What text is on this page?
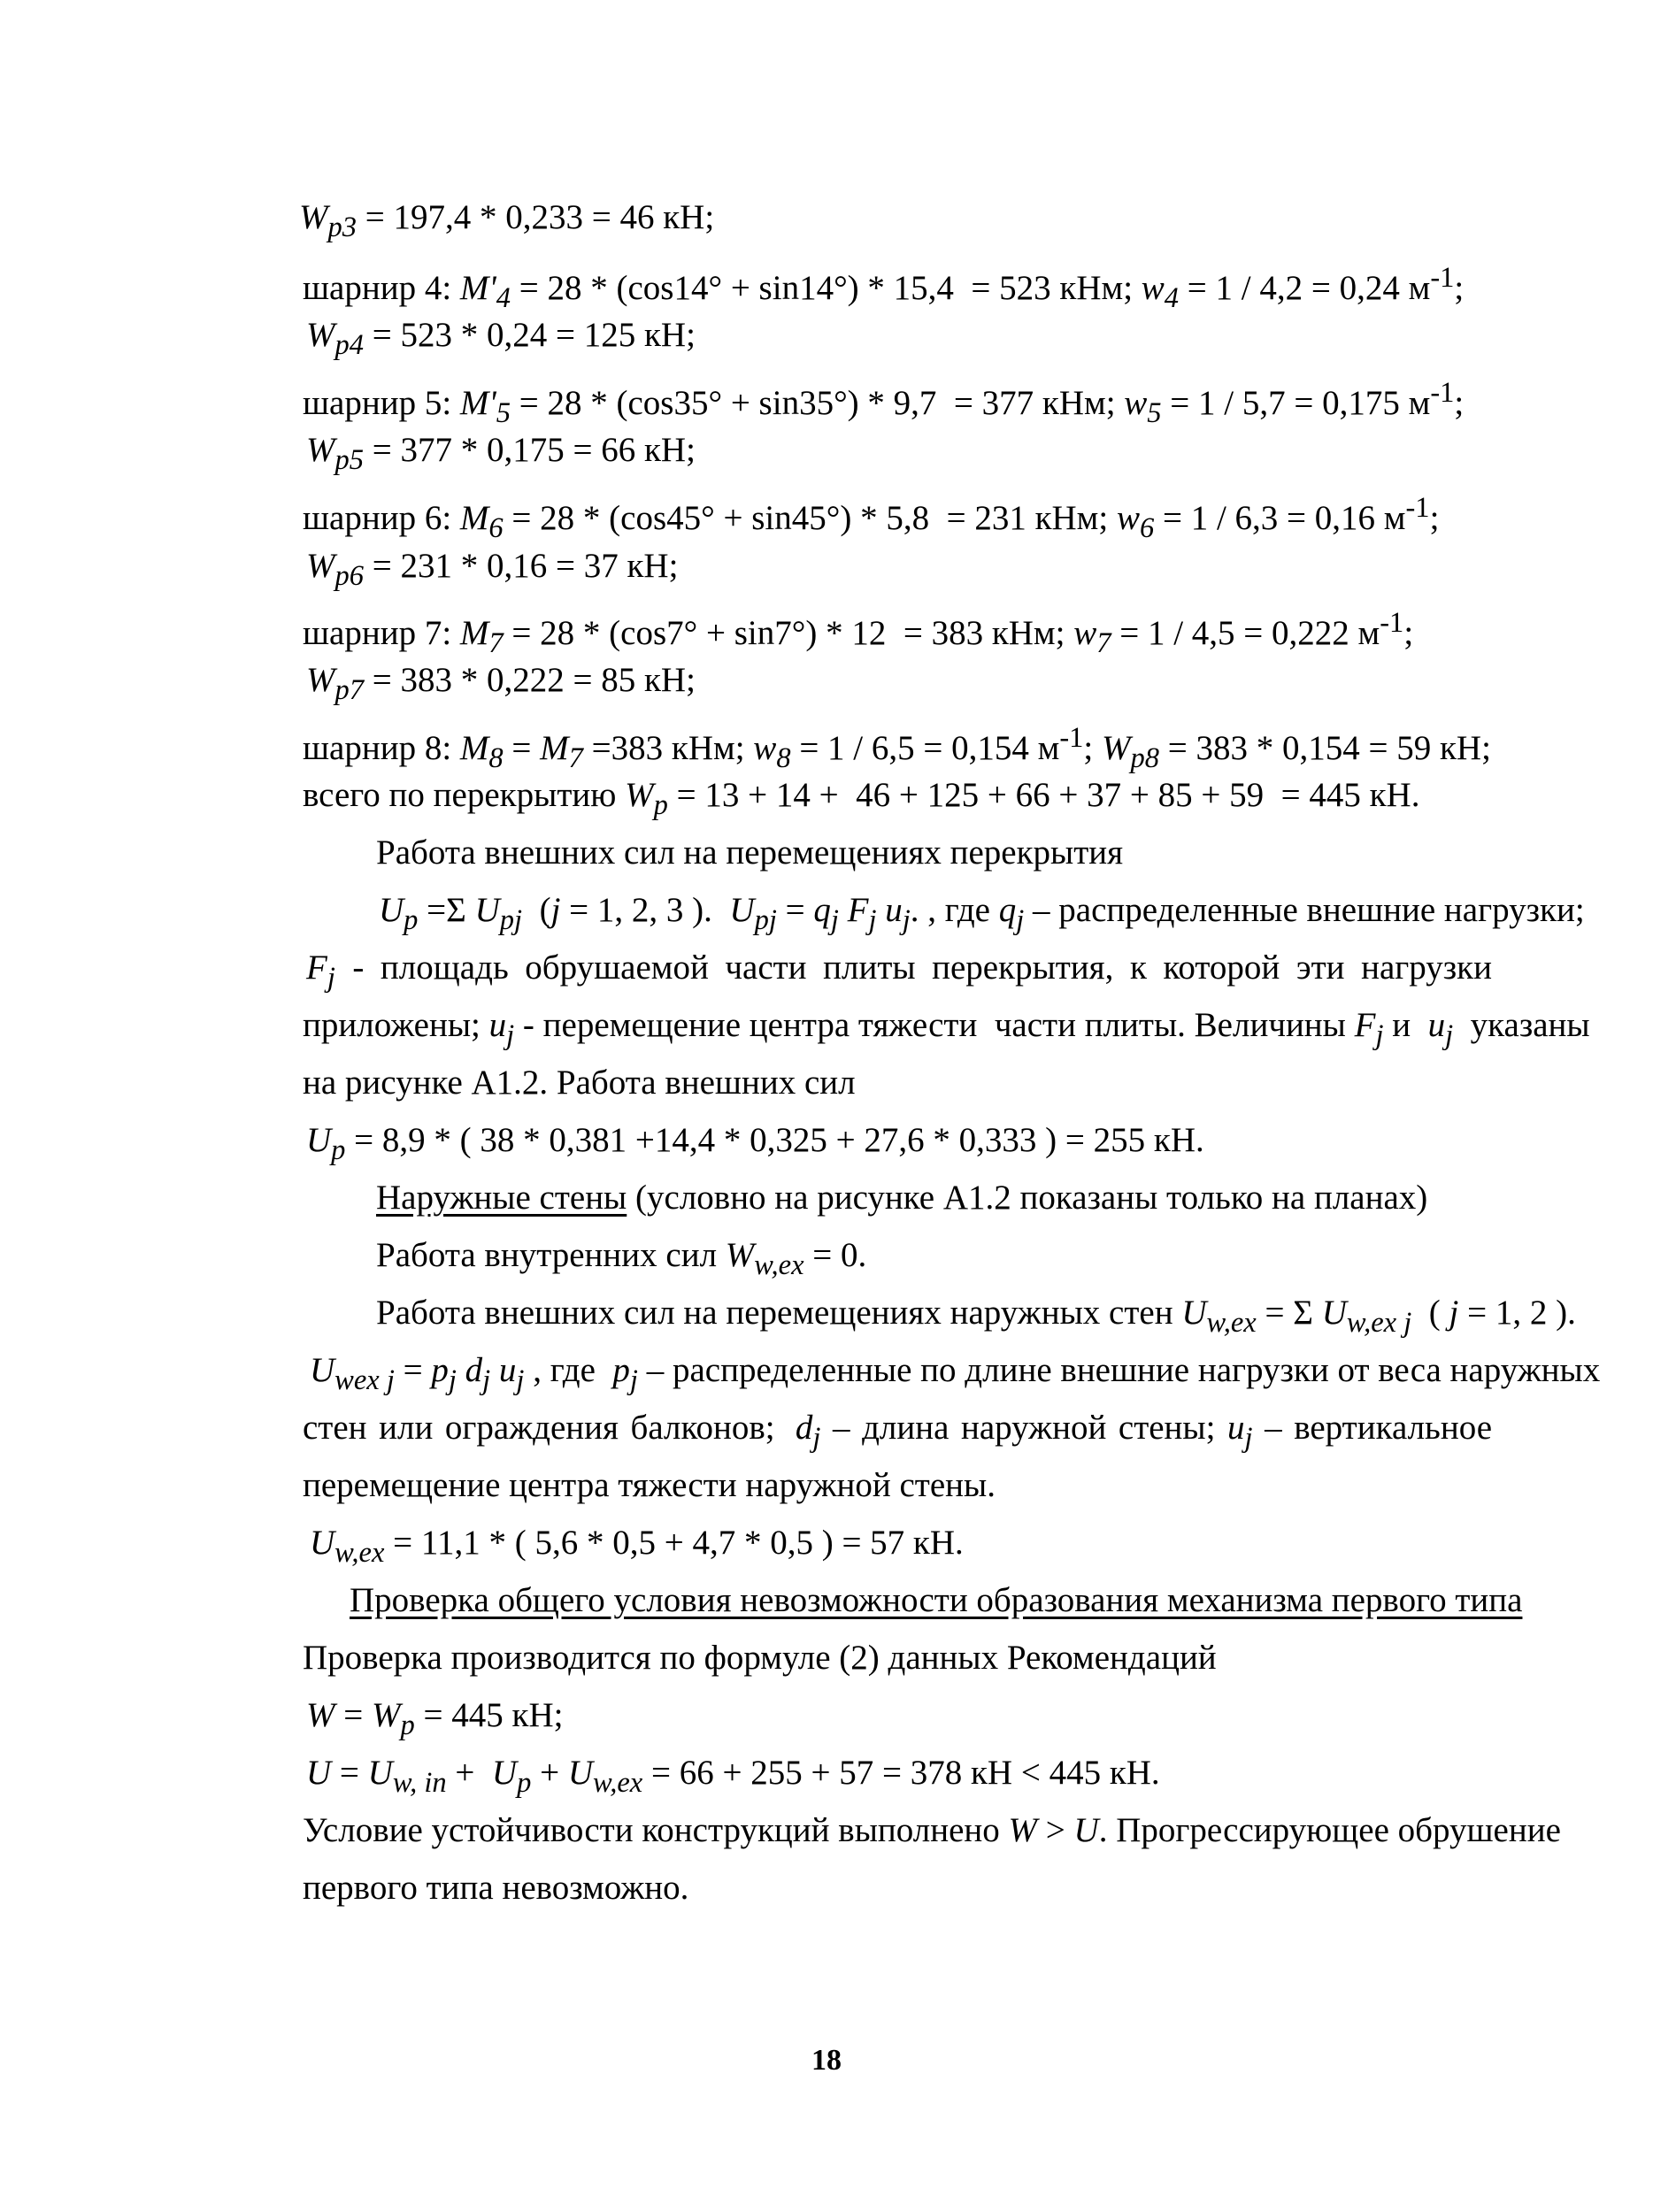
$W_{p3} = 197,4 * 0,233 = 46$ кН;
шарнир 4: $M'_4 = 28 * (\cos 14^\circ + \sin 14^\circ) * 15,4 = 523$ кНм; $w_4 = 1 / 4,2 = 0,24$ $м^{-1}$;
$W_{p4} = 523 * 0,24 = 125$ кН;
шарнир 5: $M'_5 = 28 * (\cos 35^\circ + \sin 35^\circ) * 9,7 = 377$ кНм; $w_5 = 1 / 5,7 = 0,175$ $м^{-1}$;
$W_{p5} = 377 * 0,175 = 66$ кН;
шарнир 6: $M_6 = 28 * (\cos 45^\circ + \sin 45^\circ) * 5,8 = 231$ кНм; $w_6 = 1 / 6,3 = 0,16$ $м^{-1}$;
$W_{p6} = 231 * 0,16 = 37$ кН;
шарнир 7: $M_7 = 28 * (\cos 7^\circ + \sin 7^\circ) * 12 = 383$ кНм; $w_7 = 1 / 4,5 = 0,222$ $м^{-1}$;
$W_{p7} = 383 * 0,222 = 85$ кН;
шарнир 8: $M_8 = M_7 =383$ кНм; $w_8 = 1 / 6,5 = 0,154$ $м^{-1}$; $W_{p8} = 383 * 0,154 = 59$ кН;
всего по перекрытию $W_p = 13 + 14 + 46 + 125 + 66 + 37 + 85 + 59 = 445$ кН.
Работа внешних сил на перемещениях перекрытия
$U_p =\Sigma$ $U_{pj}$  (j = 1, 2, 3 ).  $U_{pj} = q_j$ $F_j$ $u_j$. , где $q_j$ – распределенные внешние нагрузки;
$F_j$  - площадь обрушаемой части плиты перекрытия, к которой эти нагрузки
приложены; $u_j$ - перемещение центра тяжести  части плиты. Величины $F_j$ и  $u_j$  указаны
на рисунке А1.2. Работа внешних сил
$U_p = 8,9$ * ( 38 * 0,381 +14,4 * 0,325 + 27,6 * 0,333 ) = 255 кН.
Наружные стены (условно на рисунке А1.2 показаны только на планах)
Работа внутренних сил $W_{w,ex} = 0$.
Работа внешних сил на перемещениях наружных стен $U_{w,ex} = \Sigma$ $U_{w,ex j}$  ( j = 1, 2 ).
$U_{wex j} = p_j$ $d_j$ $u_j$ , где  $p_j$ – распределенные по длине внешние нагрузки от веса наружных
стен или ограждения балконов; $d_j$ – длина наружной стены; $u_j$ – вертикальное
перемещение центра тяжести наружной стены.
$U_{w,ex} = 11,1$ * ( 5,6 * 0,5 + 4,7 * 0,5 ) = 57 кН.
Проверка общего условия невозможности образования механизма первого типа
Проверка производится по формуле (2) данных Рекомендаций
$W = W_p = 445$ кН;
$U = U_{w, in} + U_p + U_{w,ex} = 66 + 255 + 57 = 378$ кН < 445 кН.
Условие устойчивости конструкций выполнено W > U. Прогрессирующее обрушение
первого типа невозможно.
18
